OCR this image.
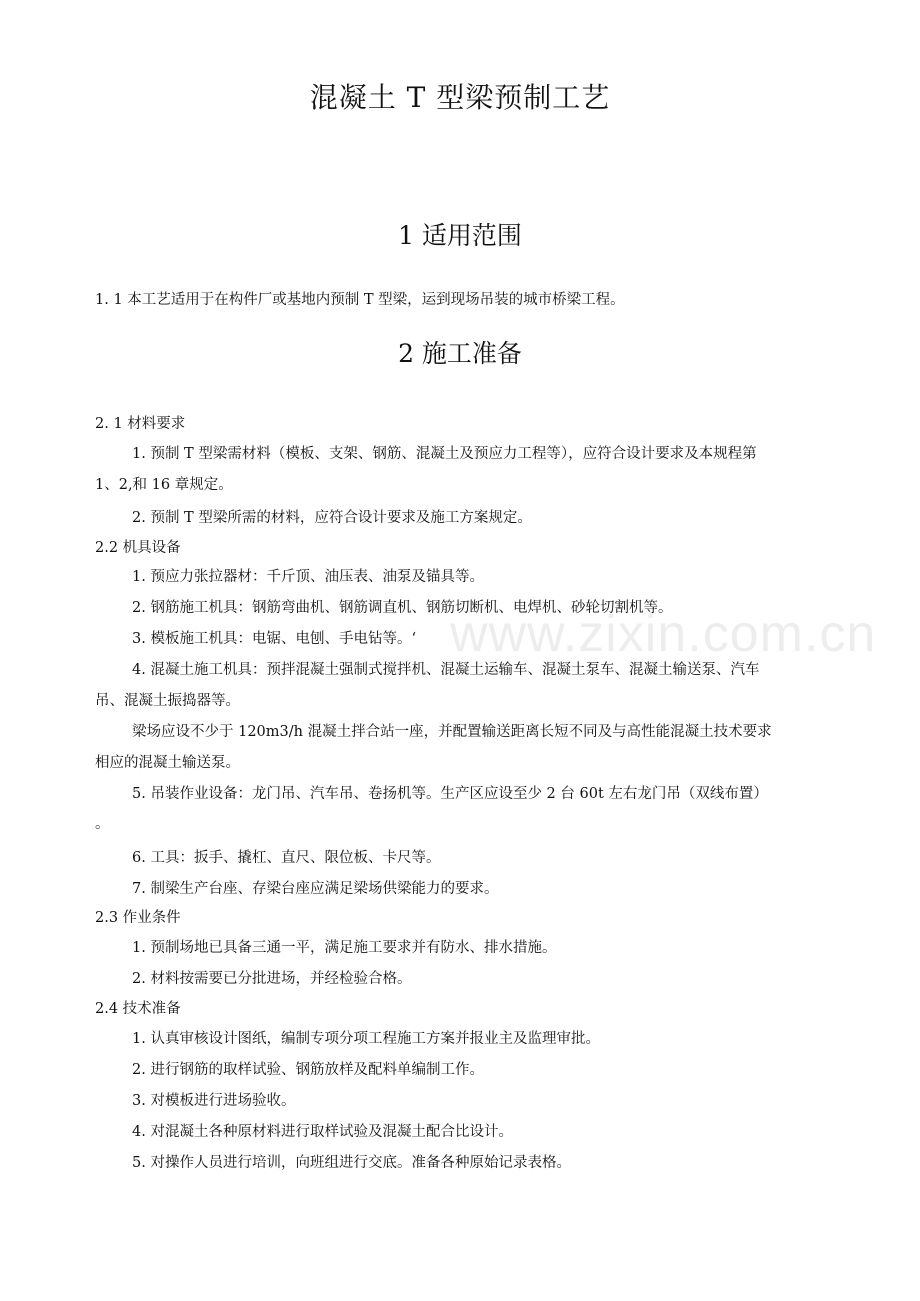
www.zixin.com.cn
混凝土 T 型梁预制工艺
1 适用范围
1. 1 本工艺适用于在构件厂或基地内预制 T 型梁，运到现场吊装的城市桥梁工程。
2 施工准备
2. 1 材料要求
1. 预制 T 型梁需材料（模板、支架、钢筋、混凝土及预应力工程等），应符合设计要求及本规程第
1、2,和 16 章规定。
2. 预制 T 型梁所需的材料，应符合设计要求及施工方案规定。
2.2 机具设备
1. 预应力张拉器材：千斤顶、油压表、油泵及锚具等。
2. 钢筋施工机具：钢筋弯曲机、钢筋调直机、钢筋切断机、电焊机、砂轮切割机等。
3. 模板施工机具：电锯、电刨、手电钻等。‘
4. 混凝土施工机具：预拌混凝土强制式搅拌机、混凝土运输车、混凝土泵车、混凝土输送泵、汽车
吊、混凝土振捣器等。
梁场应设不少于 120m3/h 混凝土拌合站一座，并配置输送距离长短不同及与高性能混凝土技术要求
相应的混凝土输送泵。
5. 吊装作业设备：龙门吊、汽车吊、卷扬机等。生产区应设至少 2 台 60t 左右龙门吊（双线布置）
。
6. 工具：扳手、撬杠、直尺、限位板、卡尺等。
7. 制梁生产台座、存梁台座应满足梁场供梁能力的要求。
2.3 作业条件
1. 预制场地已具备三通一平，满足施工要求并有防水、排水措施。
2. 材料按需要已分批进场，并经检验合格。
2.4 技术准备
1. 认真审核设计图纸，编制专项分项工程施工方案并报业主及监理审批。
2. 进行钢筋的取样试验、钢筋放样及配料单编制工作。
3. 对模板进行进场验收。
4. 对混凝土各种原材料进行取样试验及混凝土配合比设计。
5. 对操作人员进行培训，向班组进行交底。准备各种原始记录表格。
